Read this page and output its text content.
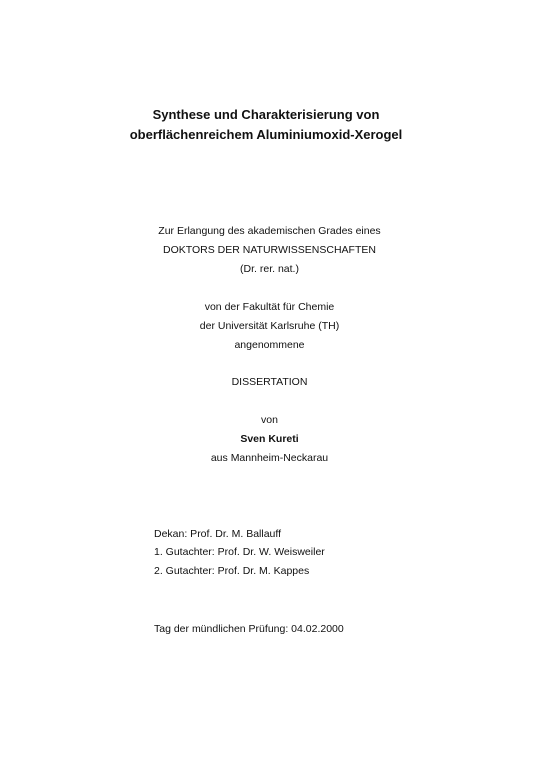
Synthese und Charakterisierung von
oberflächenreichem Aluminiumoxid-Xerogel
Zur Erlangung des akademischen Grades eines
DOKTORS DER NATURWISSENSCHAFTEN
(Dr. rer. nat.)
von der Fakultät für Chemie
der Universität Karlsruhe (TH)
angenommene
DISSERTATION
von
Sven Kureti
aus Mannheim-Neckarau
Dekan: Prof. Dr. M. Ballauff
1. Gutachter: Prof. Dr. W. Weisweiler
2. Gutachter: Prof. Dr. M. Kappes
Tag der mündlichen Prüfung: 04.02.2000
